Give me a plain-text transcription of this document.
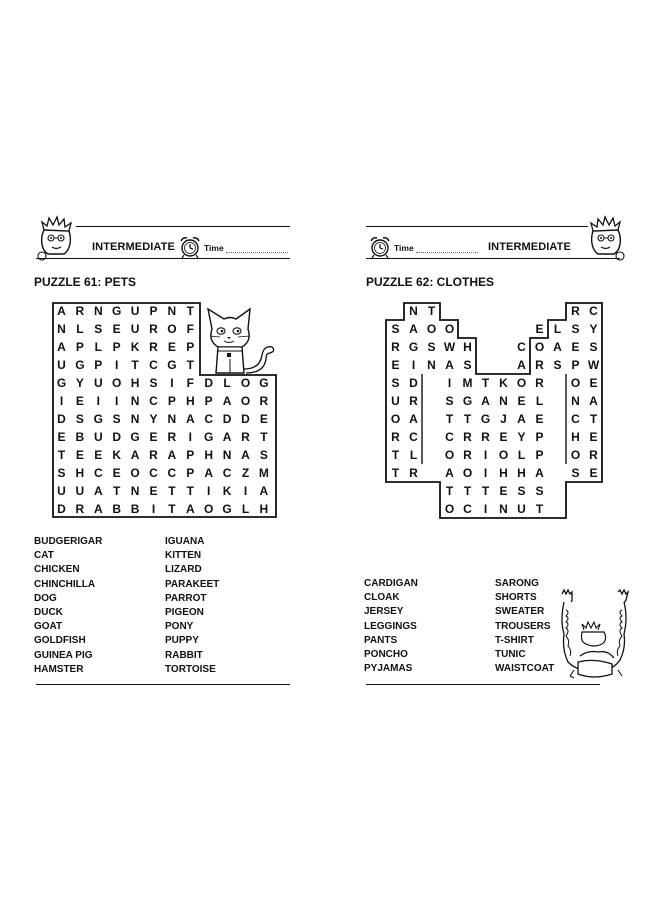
INTERMEDIATE	Time
PUZZLE 61: PETS
A R N G U P N T
N L S E U R O F
A P L P K R E P
U G P	I	T C G T
G Y U O H S	I	F D L O G
I	E	I	I	N C P H P A O R
D S G S N Y N A C D D E
E B U D G E R	I	G A R T
T E E K A R A P H N A S
S H C E O C C P A C Z M
U U A T N E T T	I	K	I	A
D R A B B	I	T A O G L H
BUDGERIGAR
CAT
CHICKEN
CHINCHILLA
DOG
DUCK
GOAT
GOLDFISH
GUINEA PIG
HAMSTER
IGUANA
KITTEN
LIZARD
PARAKEET
PARROT
PIGEON
PONY
PUPPY
RABBIT
TORTOISE
Time	INTERMEDIATE
PUZZLE 62: CLOTHES
N T	R C
S A O O	E L S Y
R G S W H	C O A E S
E	I N A S	A R S P W
S D	I M T K O R	O E
U R	S G A N E L	N A
O A	T T G J A E	C T
R C	C R R E Y P	H E
T L	O R	I O L P	O R
T R	A O I H H A	S E
T T T E S S
O C	I N U T
CARDIGAN
CLOAK
JERSEY
LEGGINGS
PANTS
PONCHO
PYJAMAS
SARONG
SHORTS
SWEATER
TROUSERS
T-SHIRT
TUNIC
WAISTCOAT
